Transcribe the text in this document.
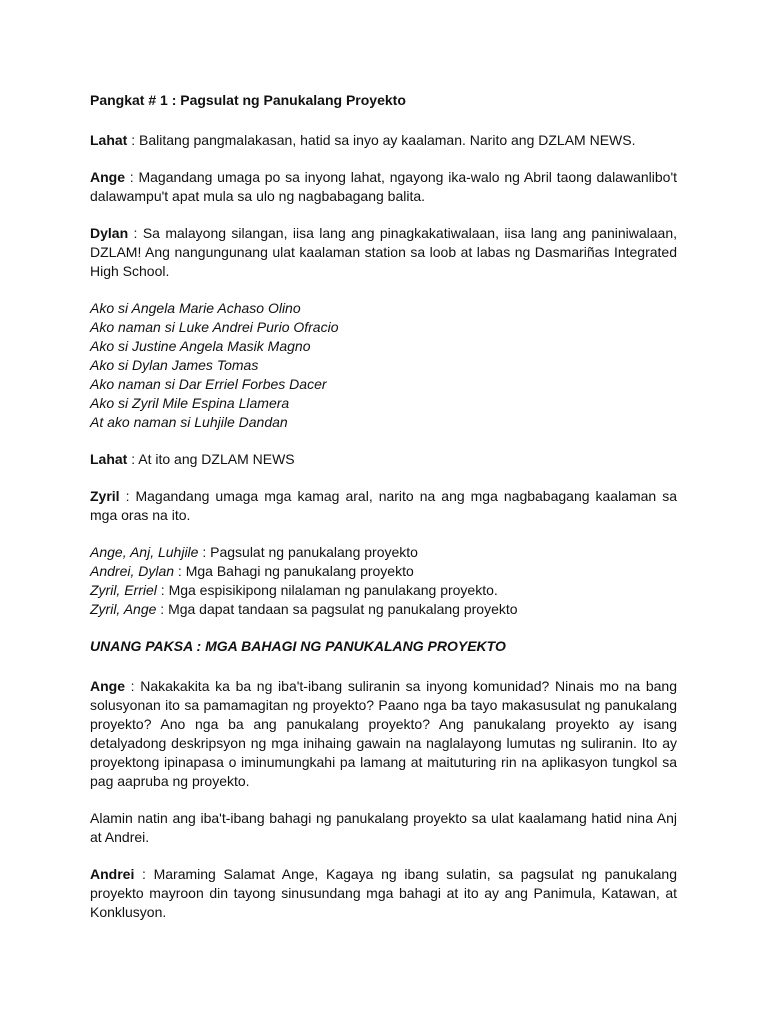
Pangkat # 1 : Pagsulat ng Panukalang Proyekto
Lahat : Balitang pangmalakasan, hatid sa inyo ay kaalaman. Narito ang DZLAM NEWS.
Ange : Magandang umaga po sa inyong lahat, ngayong ika-walo ng Abril taong dalawanlibo't dalawampu't apat mula sa ulo ng nagbabagang balita.
Dylan : Sa malayong silangan, iisa lang ang pinagkakatiwalaan, iisa lang ang paniniwalaan, DZLAM! Ang nangungunang ulat kaalaman station sa loob at labas ng Dasmariñas Integrated High School.
Ako si Angela Marie Achaso Olino
Ako naman si Luke Andrei Purio Ofracio
Ako si Justine Angela Masik Magno
Ako si Dylan James Tomas
Ako naman si Dar Erriel Forbes Dacer
Ako si Zyril Mile Espina Llamera
At ako naman si Luhjile Dandan
Lahat : At ito ang DZLAM NEWS
Zyril : Magandang umaga mga kamag aral, narito na ang mga nagbabagang kaalaman sa mga oras na ito.
Ange, Anj, Luhjile : Pagsulat ng panukalang proyekto
Andrei, Dylan : Mga Bahagi ng panukalang proyekto
Zyril, Erriel : Mga espisikipong nilalaman ng panulakang proyekto.
Zyril, Ange : Mga dapat tandaan sa pagsulat ng panukalang proyekto
UNANG PAKSA : MGA BAHAGI NG PANUKALANG PROYEKTO
Ange : Nakakakita ka ba ng iba't-ibang suliranin sa inyong komunidad? Ninais mo na bang solusyonan ito sa pamamagitan ng proyekto? Paano nga ba tayo makasusulat ng panukalang proyekto? Ano nga ba ang panukalang proyekto? Ang panukalang proyekto ay isang detalyadong deskripsyon ng mga inihaing gawain na naglalayong lumutas ng suliranin. Ito ay proyektong ipinapasa o iminumungkahi pa lamang at maituturing rin na aplikasyon tungkol sa pag aapruba ng proyekto.
Alamin natin ang iba't-ibang bahagi ng panukalang proyekto sa ulat kaalamang hatid nina Anj at Andrei.
Andrei : Maraming Salamat Ange, Kagaya ng ibang sulatin, sa pagsulat ng panukalang proyekto mayroon din tayong sinusundang mga bahagi at ito ay ang Panimula, Katawan, at Konklusyon.
